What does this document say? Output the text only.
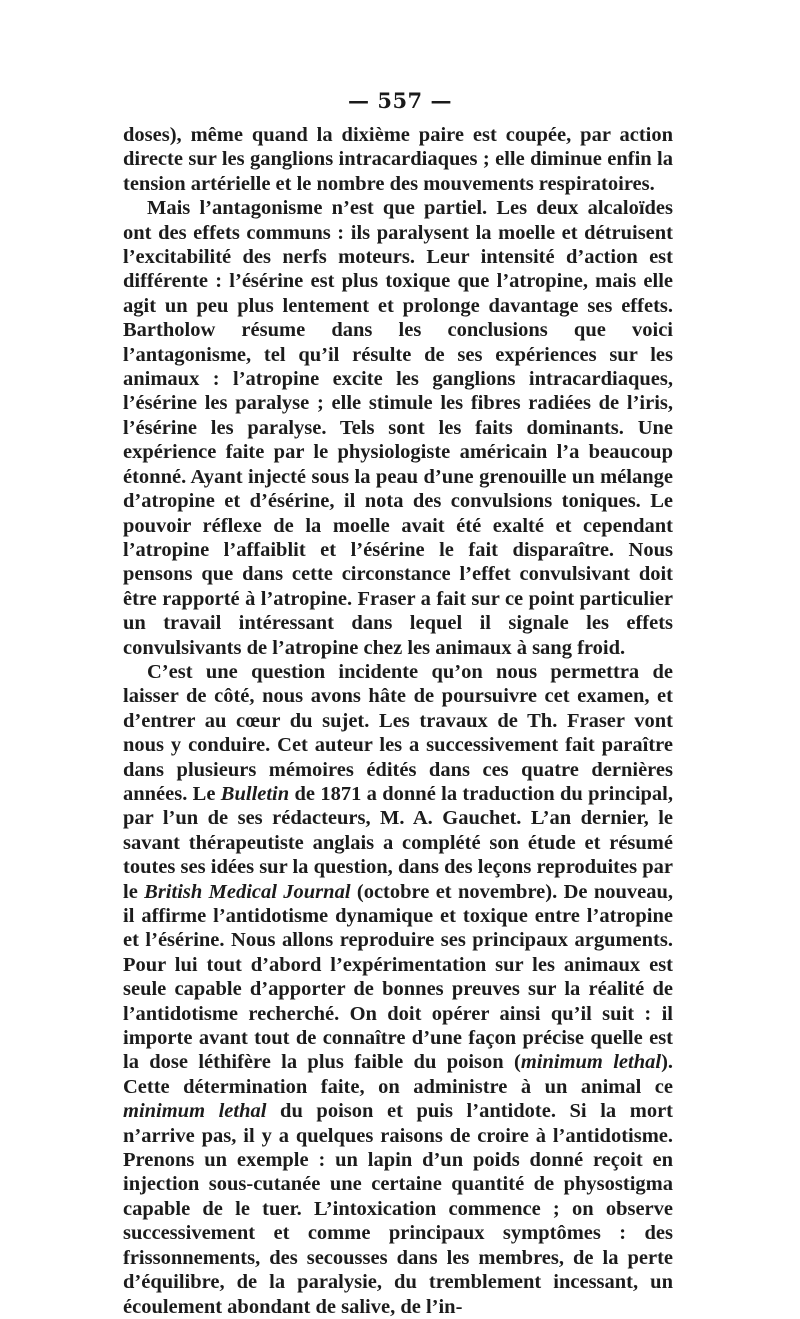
— 557 —

doses), même quand la dixième paire est coupée, par action directe sur les ganglions intracardiaques ; elle diminue enfin la tension artérielle et le nombre des mouvements respiratoires.

Mais l’antagonisme n’est que partiel. Les deux alcaloïdes ont des effets communs : ils paralysent la moelle et détruisent l’excitabilité des nerfs moteurs. Leur intensité d’action est différente : l’ésérine est plus toxique que l’atropine, mais elle agit un peu plus lentement et prolonge davantage ses effets. Bartholow résume dans les conclusions que voici l’antagonisme, tel qu’il résulte de ses expériences sur les animaux : l’atropine excite les ganglions intracardiaques, l’ésérine les paralyse ; elle stimule les fibres radiées de l’iris, l’ésérine les paralyse. Tels sont les faits dominants. Une expérience faite par le physiologiste américain l’a beaucoup étonné. Ayant injecté sous la peau d’une grenouille un mélange d’atropine et d’ésérine, il nota des convulsions toniques. Le pouvoir réflexe de la moelle avait été exalté et cependant l’atropine l’affaiblit et l’ésérine le fait disparaître. Nous pensons que dans cette circonstance l’effet convulsivant doit être rapporté à l’atropine. Fraser a fait sur ce point particulier un travail intéressant dans lequel il signale les effets convulsivants de l’atropine chez les animaux à sang froid.

C’est une question incidente qu’on nous permettra de laisser de côté, nous avons hâte de poursuivre cet examen, et d’entrer au cœur du sujet. Les travaux de Th. Fraser vont nous y conduire. Cet auteur les a successivement fait paraître dans plusieurs mémoires édités dans ces quatre dernières années. Le Bulletin de 1871 a donné la traduction du principal, par l’un de ses rédacteurs, M. A. Gauchet. L’an dernier, le savant thérapeutiste anglais a complété son étude et résumé toutes ses idées sur la question, dans des leçons reproduites par le British Medical Journal (octobre et novembre). De nouveau, il affirme l’antidotisme dynamique et toxique entre l’atropine et l’ésérine. Nous allons reproduire ses principaux arguments. Pour lui tout d’abord l’expérimentation sur les animaux est seule capable d’apporter de bonnes preuves sur la réalité de l’antidotisme recherché. On doit opérer ainsi qu’il suit : il importe avant tout de connaître d’une façon précise quelle est la dose léthifère la plus faible du poison (minimum lethal). Cette détermination faite, on administre à un animal ce minimum lethal du poison et puis l’antidote. Si la mort n’arrive pas, il y a quelques raisons de croire à l’antidotisme. Prenons un exemple : un lapin d’un poids donné reçoit en injection sous-cutanée une certaine quantité de physostigma capable de le tuer. L’intoxication commence ; on observe successivement et comme principaux symptômes : des frissonnements, des secousses dans les membres, de la perte d’équilibre, de la paralysie, du tremblement incessant, un écoulement abondant de salive, de l’in-
